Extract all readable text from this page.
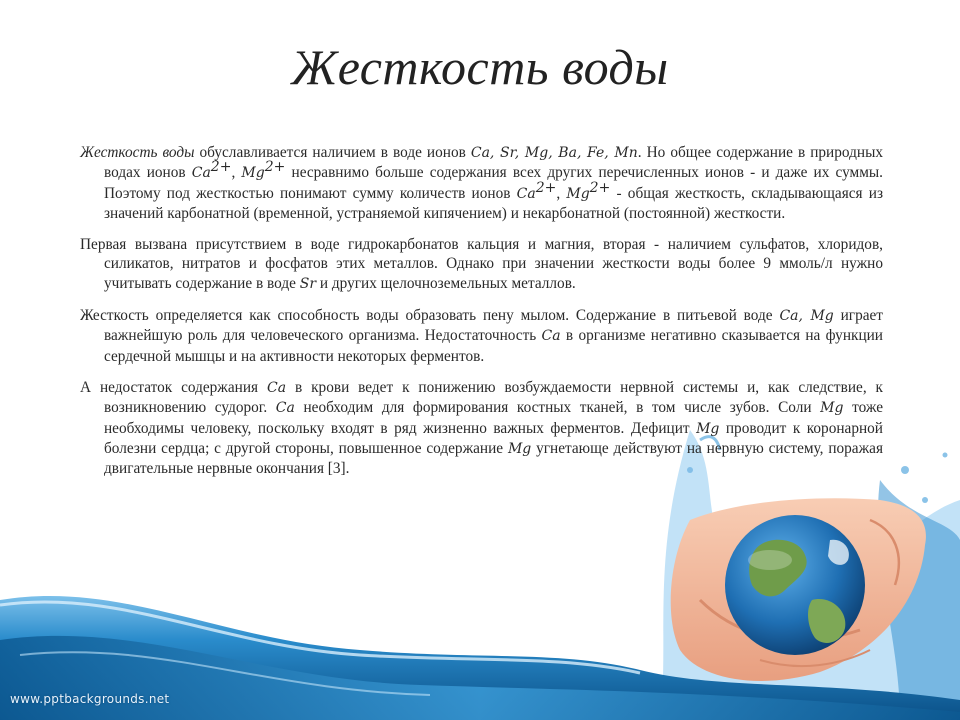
Жесткость воды

Жесткость воды обуславливается наличием в воде ионов Ca, Sr, Mg, Ba, Fe, Mn. Но общее содержание в природных водах ионов $Ca^{2+}$, $Mg^{2+}$ несравнимо больше содержания всех других перечисленных ионов - и даже их суммы. Поэтому под жесткостью понимают сумму количеств ионов $Ca^{2+}$, $Mg^{2+}$ - общая жесткость, складывающаяся из значений карбонатной (временной, устраняемой кипячением) и некарбонатной (постоянной) жесткости.

Первая вызвана присутствием в воде гидрокарбонатов кальция и магния, вторая - наличием сульфатов, хлоридов, силикатов, нитратов и фосфатов этих металлов. Однако при значении жесткости воды более 9 ммоль/л нужно учитывать содержание в воде Sr и других щелочноземельных металлов.

Жесткость определяется как способность воды образовать пену мылом. Содержание в питьевой воде Ca, Mg играет важнейшую роль для человеческого организма. Недостаточность Ca в организме негативно сказывается на функции сердечной мышцы и на активности некоторых ферментов.

А недостаток содержания Ca в крови ведет к понижению возбуждаемости нервной системы и, как следствие, к возникновению судорог. Ca необходим для формирования костных тканей, в том числе зубов. Соли Mg тоже необходимы человеку, поскольку входят в ряд жизненно важных ферментов. Дефицит Mg проводит к коронарной болезни сердца; с другой стороны, повышенное содержание Mg угнетающе действуют на нервную систему, поражая двигательные нервные окончания [3].

www.pptbackgrounds.net
